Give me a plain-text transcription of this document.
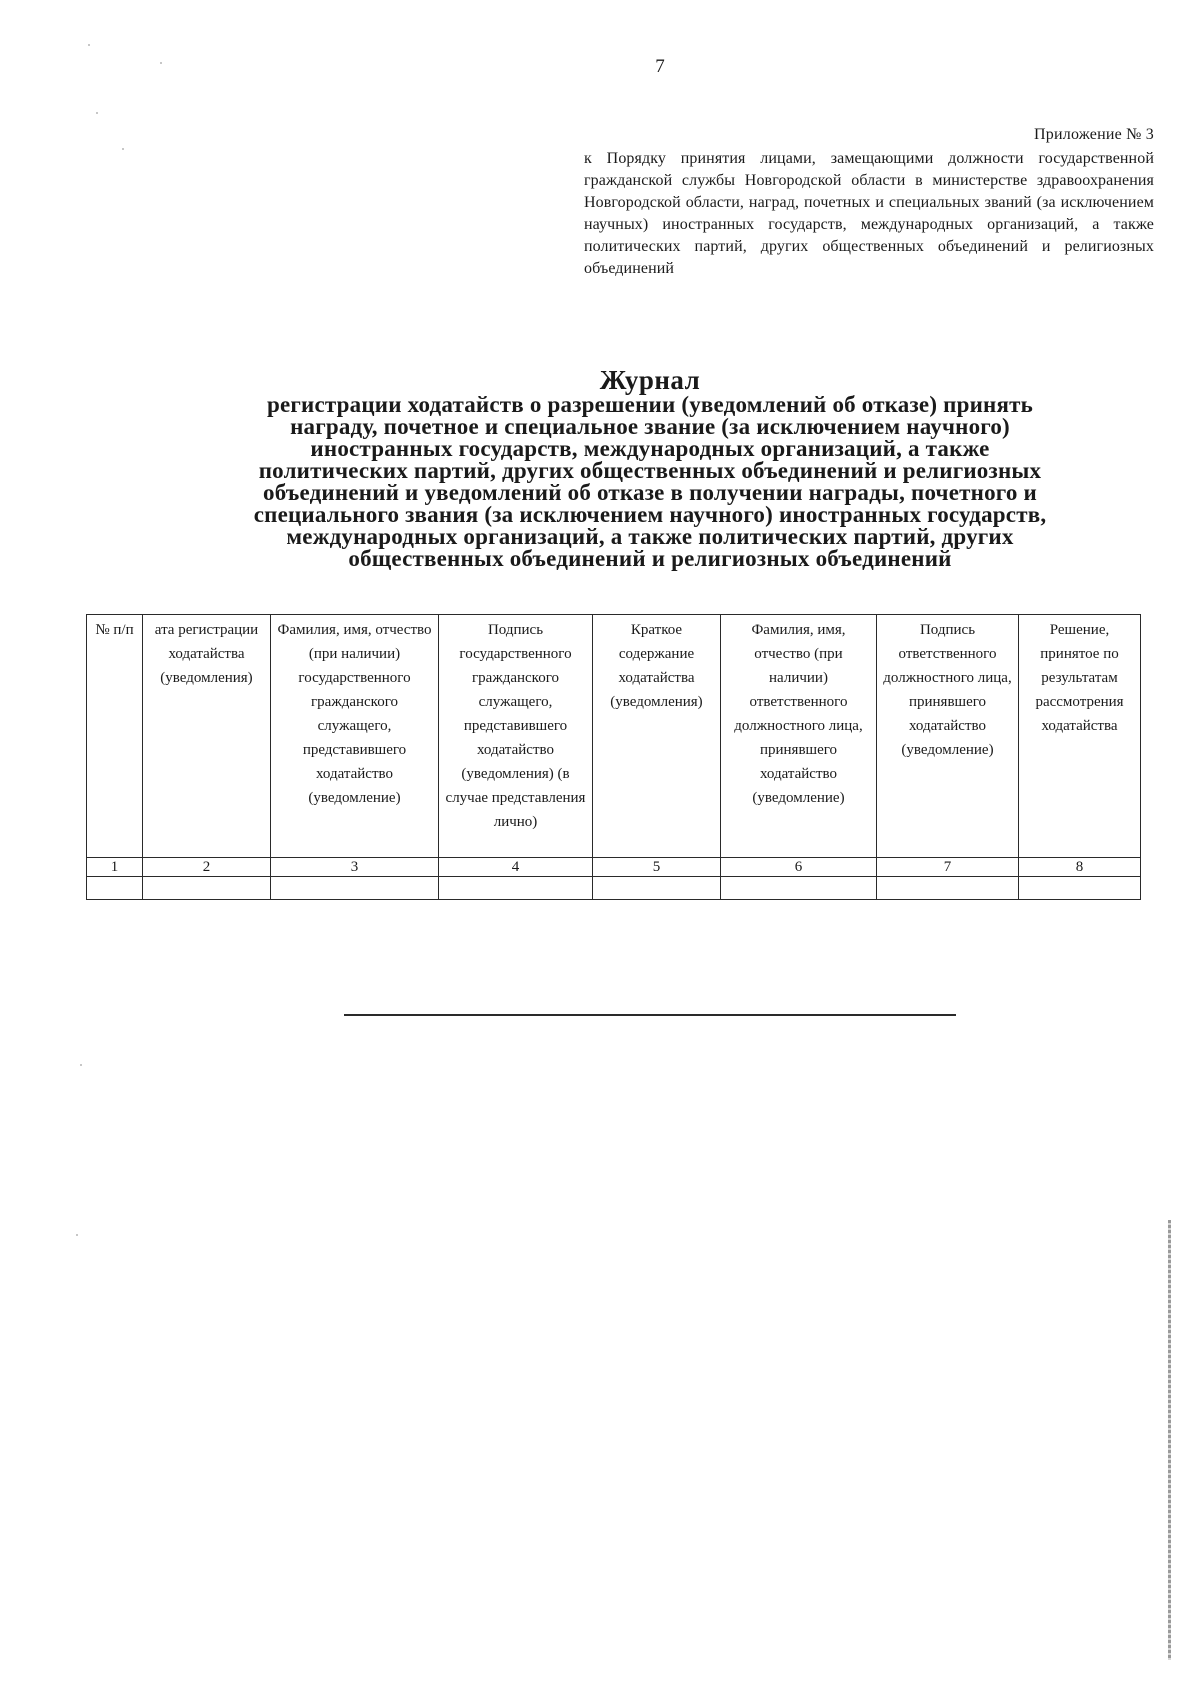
7
Приложение № 3
к Порядку принятия лицами, замещающими должности государственной гражданской службы Новгородской области в министерстве здравоохранения Новгородской области, наград, почетных и специальных званий (за исключением научных) иностранных государств, международных организаций, а также политических партий, других общественных объединений и религиозных объединений
Журнал
регистрации ходатайств о разрешении (уведомлений об отказе) принять
награду, почетное и специальное звание (за исключением научного)
иностранных государств, международных организаций, а также
политических партий, других общественных объединений и религиозных
объединений и уведомлений об отказе в получении награды, почетного и
специального звания (за исключением научного) иностранных государств,
международных организаций, а также политических партий, других
общественных объединений и религиозных объединений
№ п/п	ата регистрации ходатайства (уведомления)	Фамилия, имя, отчество (при наличии) государственного гражданского служащего, представившего ходатайство (уведомление)	Подпись государственного гражданского служащего, представившего ходатайство (уведомления) (в случае представления лично)	Краткое содержание ходатайства (уведомления)	Фамилия, имя, отчество (при наличии) ответственного должностного лица, принявшего ходатайство (уведомление)	Подпись ответственного должностного лица, принявшего ходатайство (уведомление)	Решение, принятое по результатам рассмотрения ходатайства
1	2	3	4	5	6	7	8
